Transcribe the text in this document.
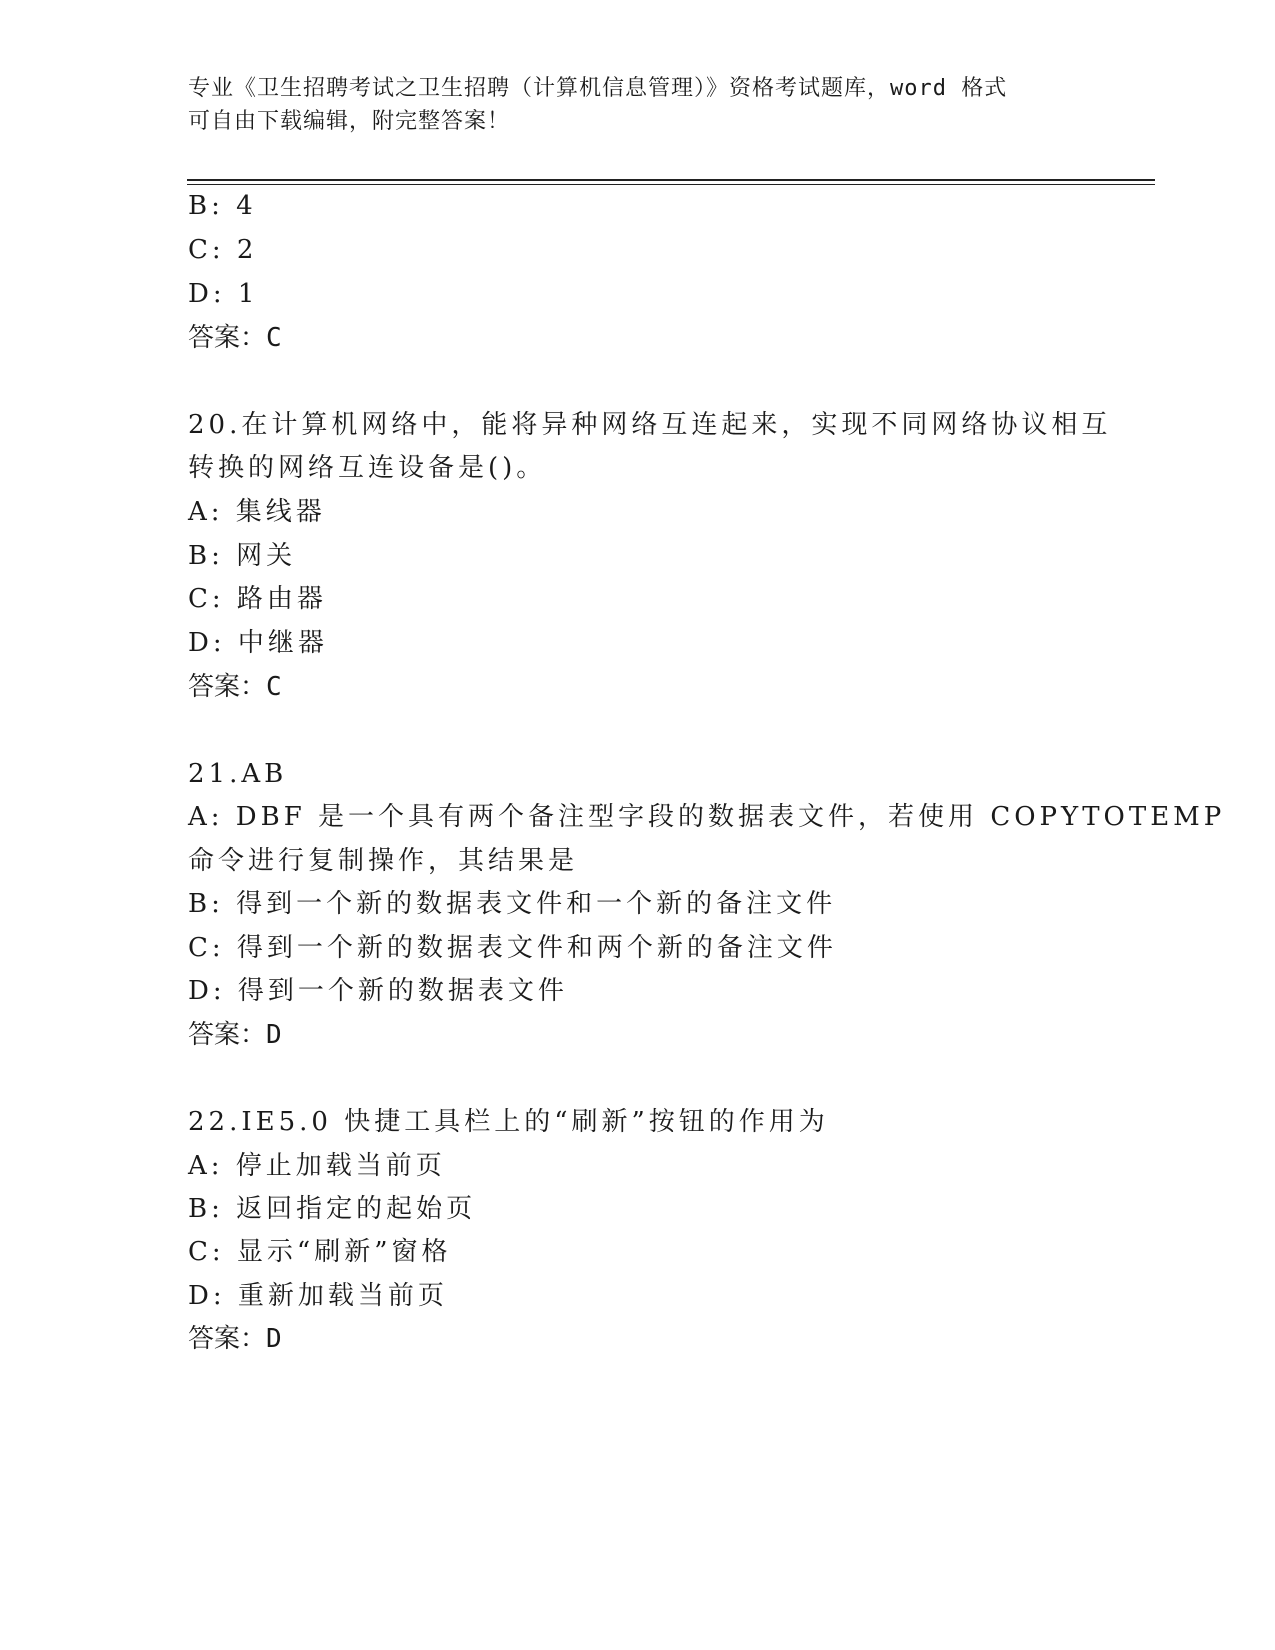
专业《卫生招聘考试之卫生招聘（计算机信息管理）》资格考试题库，word 格式
可自由下载编辑，附完整答案！
B: 4
C: 2
D: 1
答案：C
20.在计算机网络中，能将异种网络互连起来，实现不同网络协议相互
转换的网络互连设备是()。
A: 集线器
B: 网关
C: 路由器
D: 中继器
答案：C
21.AB
A: DBF 是一个具有两个备注型字段的数据表文件，若使用 COPYTOTEMP
命令进行复制操作，其结果是
B: 得到一个新的数据表文件和一个新的备注文件
C: 得到一个新的数据表文件和两个新的备注文件
D: 得到一个新的数据表文件
答案：D
22.IE5.0 快捷工具栏上的“刷新”按钮的作用为
A: 停止加载当前页
B: 返回指定的起始页
C: 显示“刷新”窗格
D: 重新加载当前页
答案：D
